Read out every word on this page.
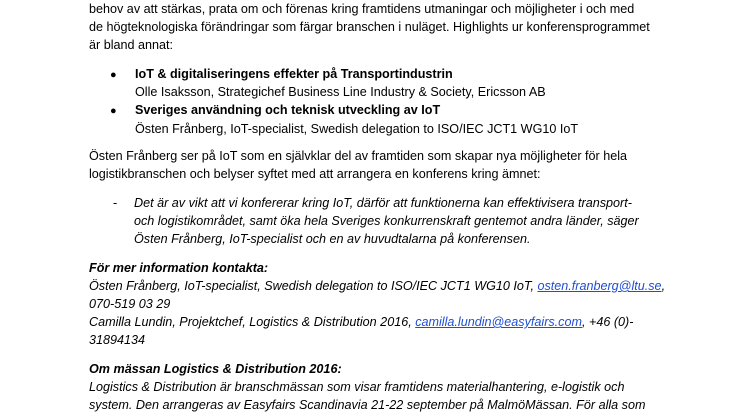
behov av att stärkas, prata om och förenas kring framtidens utmaningar och möjligheter i och med
de högteknologiska förändringar som färgar branschen i nuläget. Highlights ur konferensprogrammet
är bland annat:
● IoT & digitaliseringens effekter på Transportindustrin
Olle Isaksson, Strategichef Business Line Industry & Society, Ericsson AB
● Sveriges användning och teknisk utveckling av IoT
Östen Frånberg, IoT-specialist, Swedish delegation to ISO/IEC JCT1 WG10 IoT
Östen Frånberg ser på IoT som en självklar del av framtiden som skapar nya möjligheter för hela
logistikbranschen och belyser syftet med att arrangera en konferens kring ämnet:
- Det är av vikt att vi konfererar kring IoT, därför att funktionerna kan effektivisera transport-
och logistikområdet, samt öka hela Sveriges konkurrenskraft gentemot andra länder, säger
Östen Frånberg, IoT-specialist och en av huvudtalarna på konferensen.
För mer information kontakta:
Östen Frånberg, IoT-specialist, Swedish delegation to ISO/IEC JCT1 WG10 IoT, osten.franberg@ltu.se,
070-519 03 29
Camilla Lundin, Projektchef, Logistics & Distribution 2016, camilla.lundin@easyfairs.com, +46 (0)-
31894134
Om mässan Logistics & Distribution 2016:
Logistics & Distribution är branschmässan som visar framtidens materialhantering, e-logistik och
system. Den arrangeras av Easyfairs Scandinavia 21-22 september på MalmöMässan. För alla som
